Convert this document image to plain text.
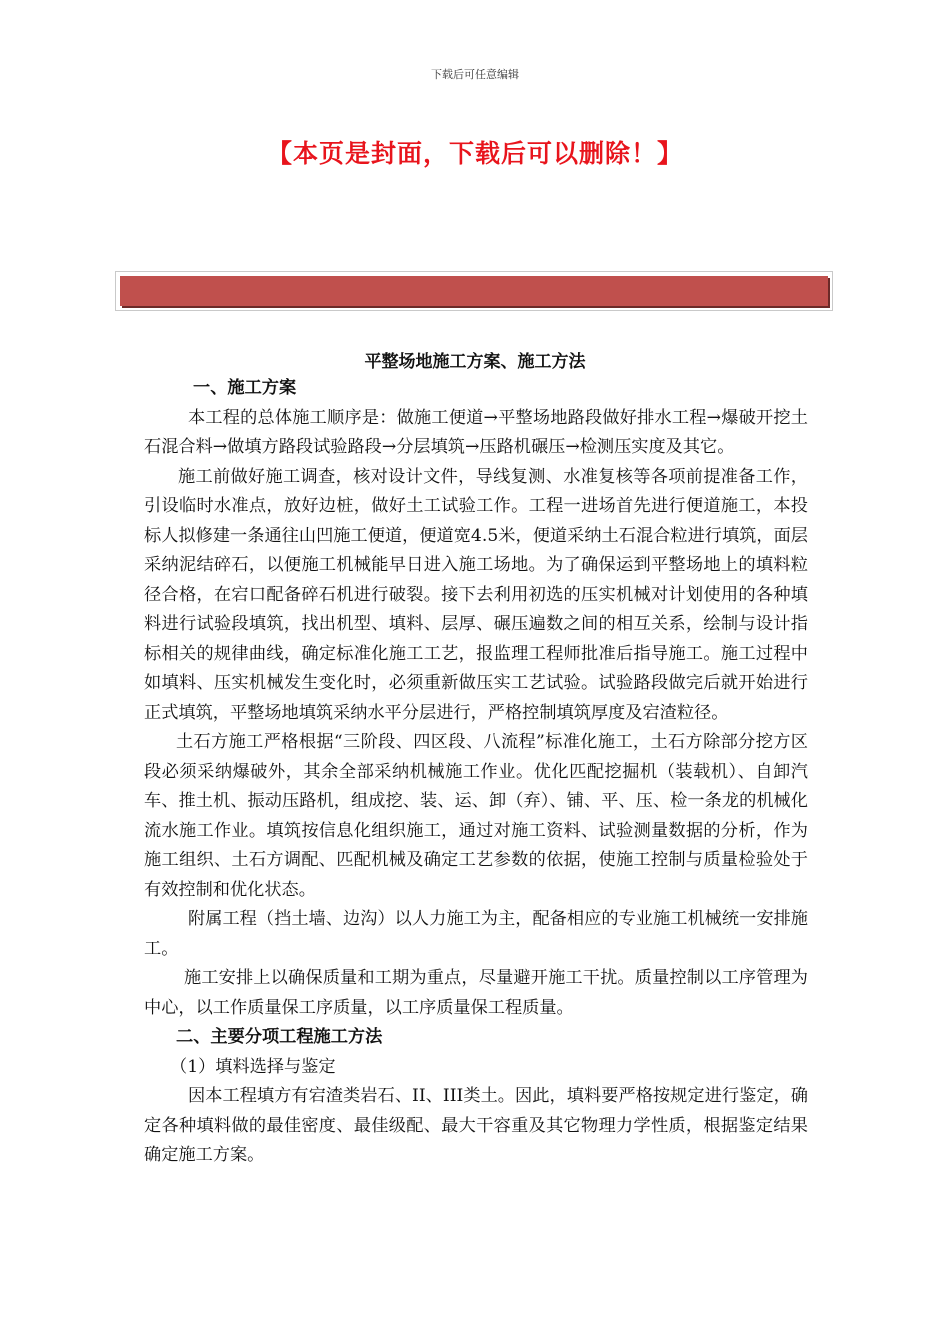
下载后可任意编辑
【本页是封面，下载后可以删除！】
平整场地施工方案、施工方法

一、施工方案

本工程的总体施工顺序是：做施工便道→平整场地路段做好排水工程→爆破开挖土石混合料→做填方路段试验路段→分层填筑→压路机碾压→检测压实度及其它。

施工前做好施工调查，核对设计文件，导线复测、水准复核等各项前提准备工作，引设临时水准点，放好边桩，做好土工试验工作。工程一进场首先进行便道施工，本投标人拟修建一条通往山凹施工便道，便道宽4.5米，便道采纳土石混合粒进行填筑，面层采纳泥结碎石，以便施工机械能早日进入施工场地。为了确保运到平整场地上的填料粒径合格，在宕口配备碎石机进行破裂。接下去利用初选的压实机械对计划使用的各种填料进行试验段填筑，找出机型、填料、层厚、碾压遍数之间的相互关系，绘制与设计指标相关的规律曲线，确定标准化施工工艺，报监理工程师批准后指导施工。施工过程中如填料、压实机械发生变化时，必须重新做压实工艺试验。试验路段做完后就开始进行正式填筑，平整场地填筑采纳水平分层进行，严格控制填筑厚度及宕渣粒径。

土石方施工严格根据“三阶段、四区段、八流程”标准化施工，土石方除部分挖方区段必须采纳爆破外，其余全部采纳机械施工作业。优化匹配挖掘机（装载机）、自卸汽车、推土机、振动压路机，组成挖、装、运、卸（弃）、铺、平、压、检一条龙的机械化流水施工作业。填筑按信息化组织施工，通过对施工资料、试验测量数据的分析，作为施工组织、土石方调配、匹配机械及确定工艺参数的依据，使施工控制与质量检验处于有效控制和优化状态。

附属工程（挡土墙、边沟）以人力施工为主，配备相应的专业施工机械统一安排施工。

施工安排上以确保质量和工期为重点，尽量避开施工干扰。质量控制以工序管理为中心，以工作质量保工序质量，以工序质量保工程质量。

二、主要分项工程施工方法

（1）填料选择与鉴定

因本工程填方有宕渣类岩石、II、III类土。因此，填料要严格按规定进行鉴定，确定各种填料做的最佳密度、最佳级配、最大干容重及其它物理力学性质，根据鉴定结果确定施工方案。
